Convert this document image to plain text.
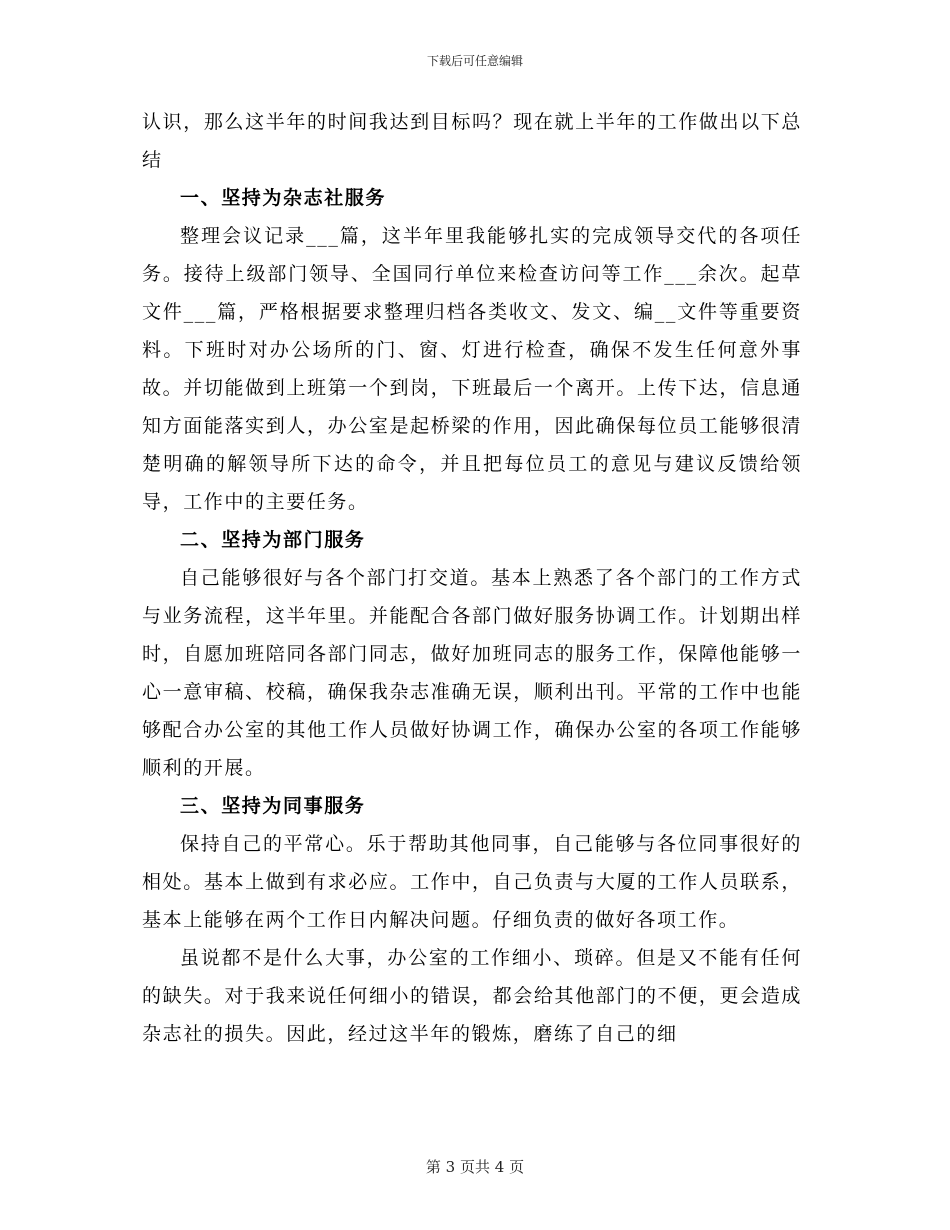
下载后可任意编辑

认识，那么这半年的时间我达到目标吗？现在就上半年的工作做出以下总结

一、坚持为杂志社服务

整理会议记录___篇，这半年里我能够扎实的完成领导交代的各项任务。接待上级部门领导、全国同行单位来检查访问等工作___余次。起草文件___篇，严格根据要求整理归档各类收文、发文、编__文件等重要资料。下班时对办公场所的门、窗、灯进行检查，确保不发生任何意外事故。并切能做到上班第一个到岗，下班最后一个离开。上传下达，信息通知方面能落实到人，办公室是起桥梁的作用，因此确保每位员工能够很清楚明确的解领导所下达的命令，并且把每位员工的意见与建议反馈给领导，工作中的主要任务。

二、坚持为部门服务

自己能够很好与各个部门打交道。基本上熟悉了各个部门的工作方式与业务流程，这半年里。并能配合各部门做好服务协调工作。计划期出样时，自愿加班陪同各部门同志，做好加班同志的服务工作，保障他能够一心一意审稿、校稿，确保我杂志准确无误，顺利出刊。平常的工作中也能够配合办公室的其他工作人员做好协调工作，确保办公室的各项工作能够顺利的开展。

三、坚持为同事服务

保持自己的平常心。乐于帮助其他同事，自己能够与各位同事很好的相处。基本上做到有求必应。工作中，自己负责与大厦的工作人员联系，基本上能够在两个工作日内解决问题。仔细负责的做好各项工作。

虽说都不是什么大事，办公室的工作细小、琐碎。但是又不能有任何的缺失。对于我来说任何细小的错误，都会给其他部门的不便，更会造成杂志社的损失。因此，经过这半年的锻炼，磨练了自己的细

第 3 页共 4 页
